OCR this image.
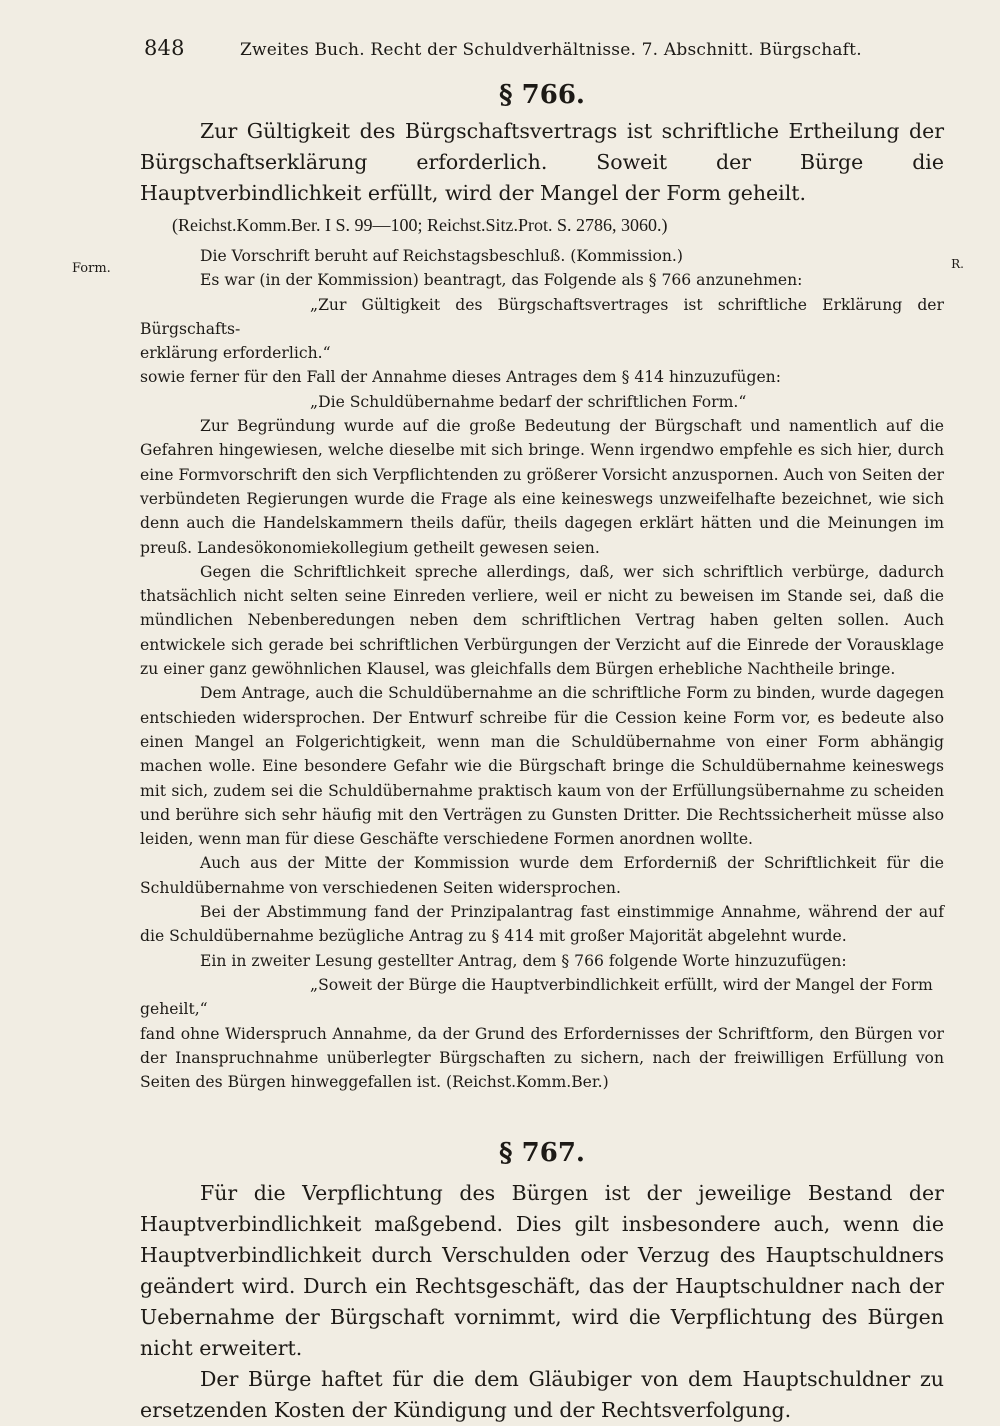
848	Zweites Buch. Recht der Schuldverhältnisse. 7. Abschnitt. Bürgschaft.
Form.	R.
§ 766.

Zur Gültigkeit des Bürgschaftsvertrags ist schriftliche Ertheilung der Bürgschaftserklärung erforderlich. Soweit der Bürge die Hauptverbindlichkeit erfüllt, wird der Mangel der Form geheilt.

(Reichst.Komm.Ber. I S. 99—100; Reichst.Sitz.Prot. S. 2786, 3060.)

Die Vorschrift beruht auf Reichstagsbeschluß. (Kommission.)

Es war (in der Kommission) beantragt, das Folgende als § 766 anzunehmen:

„Zur Gültigkeit des Bürgschaftsvertrages ist schriftliche Erklärung der Bürgschafts-

erklärung erforderlich.“

sowie ferner für den Fall der Annahme dieses Antrages dem § 414 hinzuzufügen:

„Die Schuldübernahme bedarf der schriftlichen Form.“

Zur Begründung wurde auf die große Bedeutung der Bürgschaft und namentlich auf die Gefahren hingewiesen, welche dieselbe mit sich bringe. Wenn irgendwo empfehle es sich hier, durch eine Formvorschrift den sich Verpflichtenden zu größerer Vorsicht anzuspornen. Auch von Seiten der verbündeten Regierungen wurde die Frage als eine keineswegs unzweifelhafte bezeichnet, wie sich denn auch die Handelskammern theils dafür, theils dagegen erklärt hätten und die Meinungen im preuß. Landesökonomiekollegium getheilt gewesen seien.

Gegen die Schriftlichkeit spreche allerdings, daß, wer sich schriftlich verbürge, dadurch thatsächlich nicht selten seine Einreden verliere, weil er nicht zu beweisen im Stande sei, daß die mündlichen Nebenberedungen neben dem schriftlichen Vertrag haben gelten sollen. Auch entwickele sich gerade bei schriftlichen Verbürgungen der Verzicht auf die Einrede der Vorausklage zu einer ganz gewöhnlichen Klausel, was gleichfalls dem Bürgen erhebliche Nachtheile bringe.

Dem Antrage, auch die Schuldübernahme an die schriftliche Form zu binden, wurde dagegen entschieden widersprochen. Der Entwurf schreibe für die Cession keine Form vor, es bedeute also einen Mangel an Folgerichtigkeit, wenn man die Schuldübernahme von einer Form abhängig machen wolle. Eine besondere Gefahr wie die Bürgschaft bringe die Schuldübernahme keineswegs mit sich, zudem sei die Schuldübernahme praktisch kaum von der Erfüllungsübernahme zu scheiden und berühre sich sehr häufig mit den Verträgen zu Gunsten Dritter. Die Rechtssicherheit müsse also leiden, wenn man für diese Geschäfte verschiedene Formen anordnen wollte.

Auch aus der Mitte der Kommission wurde dem Erforderniß der Schriftlichkeit für die Schuldübernahme von verschiedenen Seiten widersprochen.

Bei der Abstimmung fand der Prinzipalantrag fast einstimmige Annahme, während der auf die Schuldübernahme bezügliche Antrag zu § 414 mit großer Majorität abgelehnt wurde.

Ein in zweiter Lesung gestellter Antrag, dem § 766 folgende Worte hinzuzufügen:

„Soweit der Bürge die Hauptverbindlichkeit erfüllt, wird der Mangel der Form

geheilt,“

fand ohne Widerspruch Annahme, da der Grund des Erfordernisses der Schriftform, den Bürgen vor der Inanspruchnahme unüberlegter Bürgschaften zu sichern, nach der freiwilligen Erfüllung von Seiten des Bürgen hinweggefallen ist. (Reichst.Komm.Ber.)

§ 767.

Für die Verpflichtung des Bürgen ist der jeweilige Bestand der Hauptverbindlichkeit maßgebend. Dies gilt insbesondere auch, wenn die Hauptverbindlichkeit durch Verschulden oder Verzug des Hauptschuldners geändert wird. Durch ein Rechtsgeschäft, das der Hauptschuldner nach der Uebernahme der Bürgschaft vornimmt, wird die Verpflichtung des Bürgen nicht erweitert.

Der Bürge haftet für die dem Gläubiger von dem Hauptschuldner zu ersetzenden Kosten der Kündigung und der Rechtsverfolgung.
